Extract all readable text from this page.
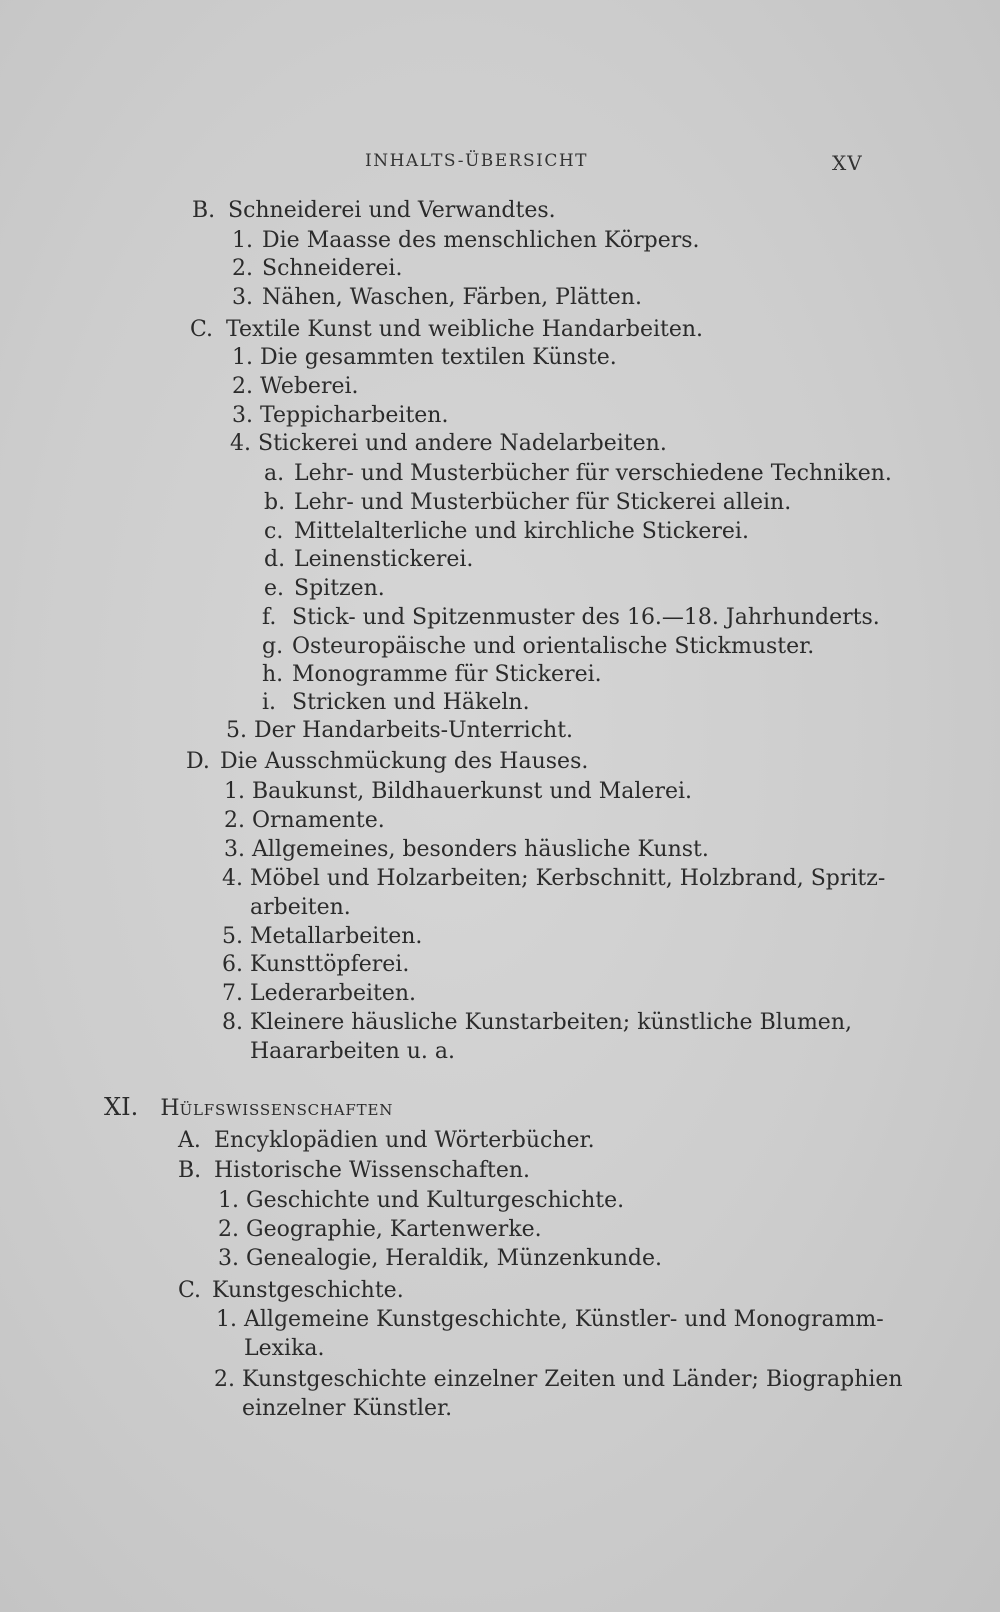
INHALTS-ÜBERSICHT	XV
B. Schneiderei und Verwandtes.
1. Die Maasse des menschlichen Körpers.
2. Schneiderei.
3. Nähen, Waschen, Färben, Plätten.
C. Textile Kunst und weibliche Handarbeiten.
1. Die gesammten textilen Künste.
2. Weberei.
3. Teppicharbeiten.
4. Stickerei und andere Nadelarbeiten.
a. Lehr- und Musterbücher für verschiedene Techniken.
b. Lehr- und Musterbücher für Stickerei allein.
c. Mittelalterliche und kirchliche Stickerei.
d. Leinenstickerei.
e. Spitzen.
f. Stick- und Spitzenmuster des 16.—18. Jahrhunderts.
g. Osteuropäische und orientalische Stickmuster.
h. Monogramme für Stickerei.
i. Stricken und Häkeln.
5. Der Handarbeits-Unterricht.
D. Die Ausschmückung des Hauses.
1. Baukunst, Bildhauerkunst und Malerei.
2. Ornamente.
3. Allgemeines, besonders häusliche Kunst.
4. Möbel und Holzarbeiten; Kerbschnitt, Holzbrand, Spritz-
arbeiten.
5. Metallarbeiten.
6. Kunsttöpferei.
7. Lederarbeiten.
8. Kleinere häusliche Kunstarbeiten; künstliche Blumen,
Haararbeiten u. a.
XI. HÜLFSWISSENSCHAFTEN
A. Encyklopädien und Wörterbücher.
B. Historische Wissenschaften.
1. Geschichte und Kulturgeschichte.
2. Geographie, Kartenwerke.
3. Genealogie, Heraldik, Münzenkunde.
C. Kunstgeschichte.
1. Allgemeine Kunstgeschichte, Künstler- und Monogramm-
Lexika.
2. Kunstgeschichte einzelner Zeiten und Länder; Biographien
einzelner Künstler.
